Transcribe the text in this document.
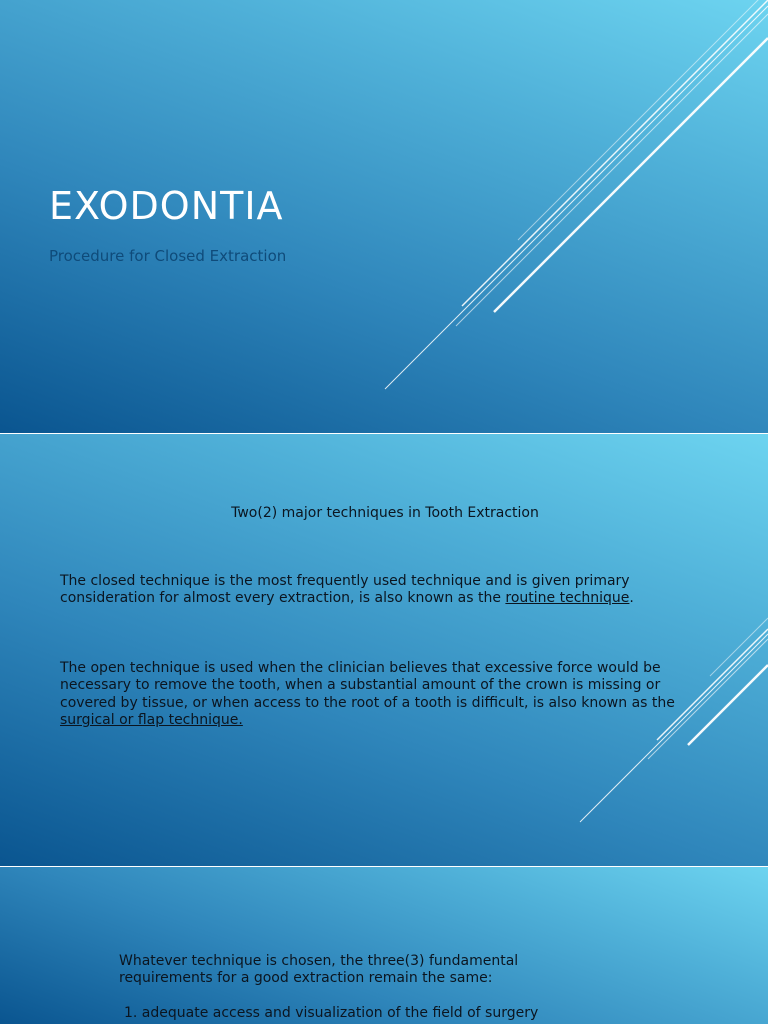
EXODONTIA

Procedure for Closed Extraction

Two(2) major techniques in Tooth Extraction

The closed technique is the most frequently used technique and is given primary
consideration for almost every extraction, is also known as the routine technique.

The open technique is used when the clinician believes that excessive force would be
necessary to remove the tooth, when a substantial amount of the crown is missing or
covered by tissue, or when access to the root of a tooth is difficult, is also known as the
surgical or flap technique.

Whatever technique is chosen, the three(3) fundamental requirements for a good extraction remain the same:

1. adequate access and visualization of the field of surgery
